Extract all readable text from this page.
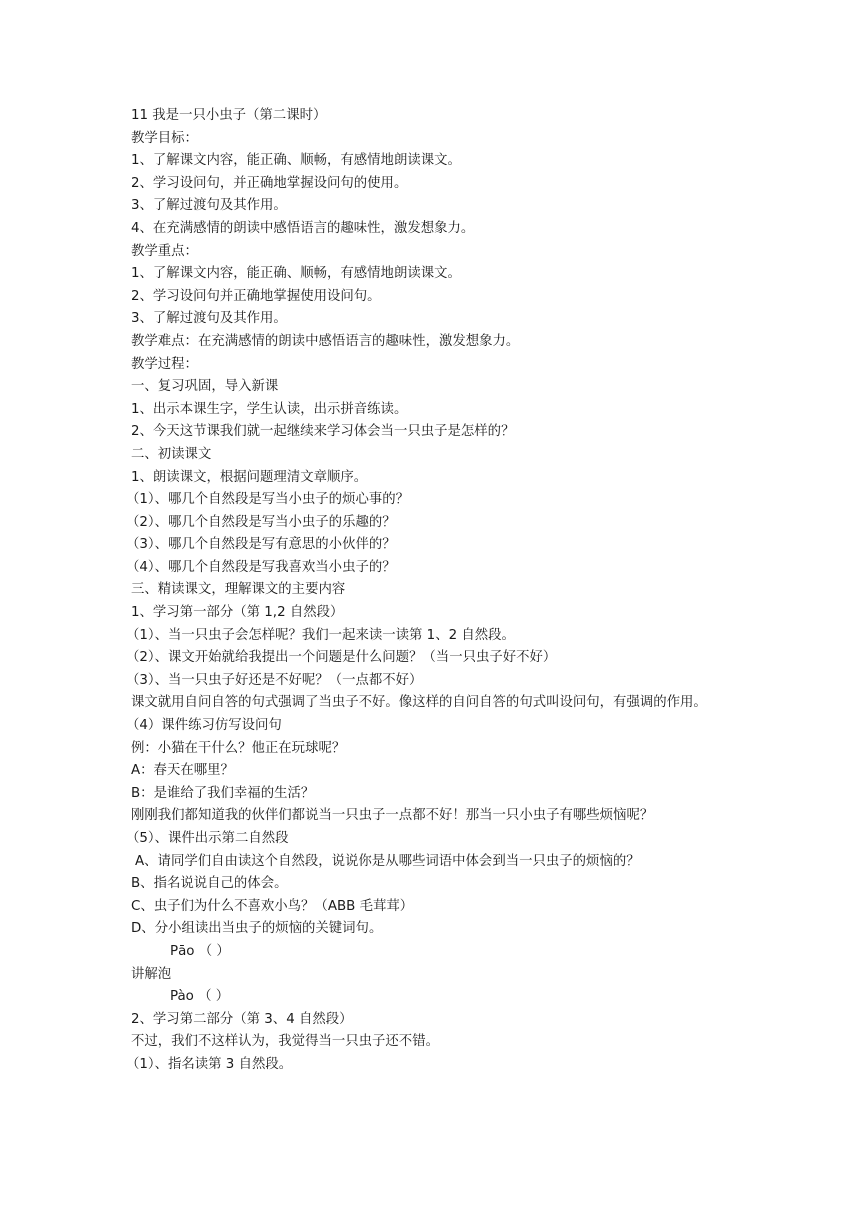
11 我是一只小虫子（第二课时）
教学目标：
1、了解课文内容，能正确、顺畅，有感情地朗读课文。
2、学习设问句，并正确地掌握设问句的使用。
3、了解过渡句及其作用。
4、在充满感情的朗读中感悟语言的趣味性，激发想象力。
教学重点：
1、了解课文内容，能正确、顺畅，有感情地朗读课文。
2、学习设问句并正确地掌握使用设问句。
3、了解过渡句及其作用。
教学难点：在充满感情的朗读中感悟语言的趣味性，激发想象力。
教学过程：
一、复习巩固，导入新课
1、出示本课生字，学生认读，出示拼音练读。
2、今天这节课我们就一起继续来学习体会当一只虫子是怎样的？
二、初读课文
1、朗读课文，根据问题理清文章顺序。
（1）、哪几个自然段是写当小虫子的烦心事的？
（2）、哪几个自然段是写当小虫子的乐趣的？
（3）、哪几个自然段是写有意思的小伙伴的？
（4）、哪几个自然段是写我喜欢当小虫子的？
三、精读课文，理解课文的主要内容
1、学习第一部分（第 1,2 自然段）
（1）、当一只虫子会怎样呢？我们一起来读一读第 1、2 自然段。
（2）、课文开始就给我提出一个问题是什么问题？（当一只虫子好不好）
（3）、当一只虫子好还是不好呢？（一点都不好）
课文就用自问自答的句式强调了当虫子不好。像这样的自问自答的句式叫设问句，有强调的作用。
（4）课件练习仿写设问句
例：小猫在干什么？他正在玩球呢？
A：春天在哪里？
B：是谁给了我们幸福的生活？
刚刚我们都知道我的伙伴们都说当一只虫子一点都不好！那当一只小虫子有哪些烦恼呢？
（5）、课件出示第二自然段
A、请同学们自由读这个自然段，说说你是从哪些词语中体会到当一只虫子的烦恼的？
B、指名说说自己的体会。
C、虫子们为什么不喜欢小鸟？（ABB 毛茸茸）
D、分小组读出当虫子的烦恼的关键词句。
Pāo （ ）
讲解泡
Pào （ ）
2、学习第二部分（第 3、4 自然段）
不过，我们不这样认为，我觉得当一只虫子还不错。
（1）、指名读第 3 自然段。
